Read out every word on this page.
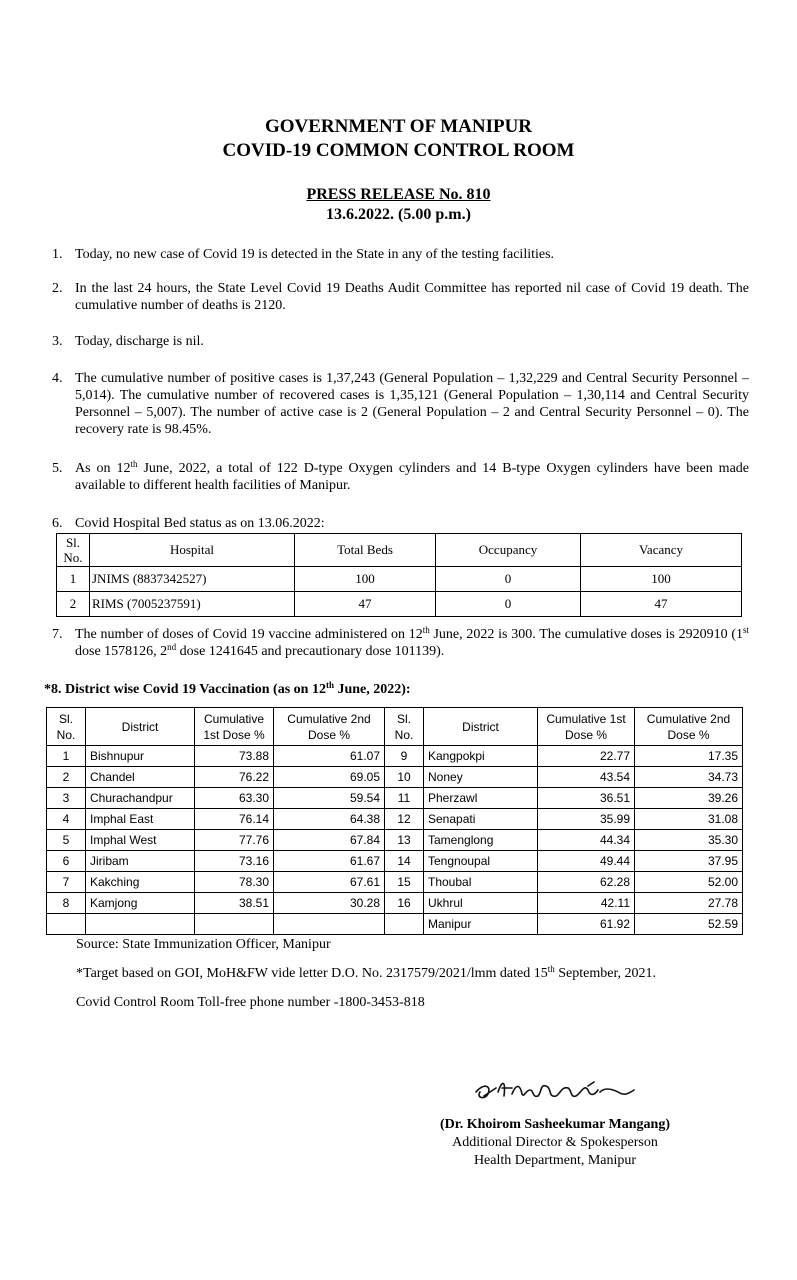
GOVERNMENT OF MANIPUR
COVID-19 COMMON CONTROL ROOM
PRESS RELEASE No. 810
13.6.2022. (5.00 p.m.)
1. Today, no new case of Covid 19 is detected in the State in any of the testing facilities.
2. In the last 24 hours, the State Level Covid 19 Deaths Audit Committee has reported nil case of Covid 19 death. The cumulative number of deaths is 2120.
3. Today, discharge is nil.
4. The cumulative number of positive cases is 1,37,243 (General Population – 1,32,229 and Central Security Personnel – 5,014). The cumulative number of recovered cases is 1,35,121 (General Population – 1,30,114 and Central Security Personnel – 5,007). The number of active case is 2 (General Population – 2 and Central Security Personnel – 0). The recovery rate is 98.45%.
5. As on 12th June, 2022, a total of 122 D-type Oxygen cylinders and 14 B-type Oxygen cylinders have been made available to different health facilities of Manipur.
6. Covid Hospital Bed status as on 13.06.2022:
Sl. No.	Hospital	Total Beds	Occupancy	Vacancy
1	JNIMS (8837342527)	100	0	100
2	RIMS (7005237591)	47	0	47
7. The number of doses of Covid 19 vaccine administered on 12th June, 2022 is 300. The cumulative doses is 2920910 (1st dose 1578126, 2nd dose 1241645 and precautionary dose 101139).
*8. District wise Covid 19 Vaccination (as on 12th June, 2022):
Sl. No.	District	Cumulative 1st Dose %	Cumulative 2nd Dose %	Sl. No.	District	Cumulative 1st Dose %	Cumulative 2nd Dose %
1	Bishnupur	73.88	61.07	9	Kangpokpi	22.77	17.35
2	Chandel	76.22	69.05	10	Noney	43.54	34.73
3	Churachandpur	63.30	59.54	11	Pherzawl	36.51	39.26
4	Imphal East	76.14	64.38	12	Senapati	35.99	31.08
5	Imphal West	77.76	67.84	13	Tamenglong	44.34	35.30
6	Jiribam	73.16	61.67	14	Tengnoupal	49.44	37.95
7	Kakching	78.30	67.61	15	Thoubal	62.28	52.00
8	Kamjong	38.51	30.28	16	Ukhrul	42.11	27.78
					Manipur	61.92	52.59
Source: State Immunization Officer, Manipur
*Target based on GOI, MoH&FW vide letter D.O. No. 2317579/2021/lmm dated 15th September, 2021.
Covid Control Room Toll-free phone number -1800-3453-818
(Dr. Khoirom Sasheekumar Mangang)
Additional Director & Spokesperson
Health Department, Manipur
